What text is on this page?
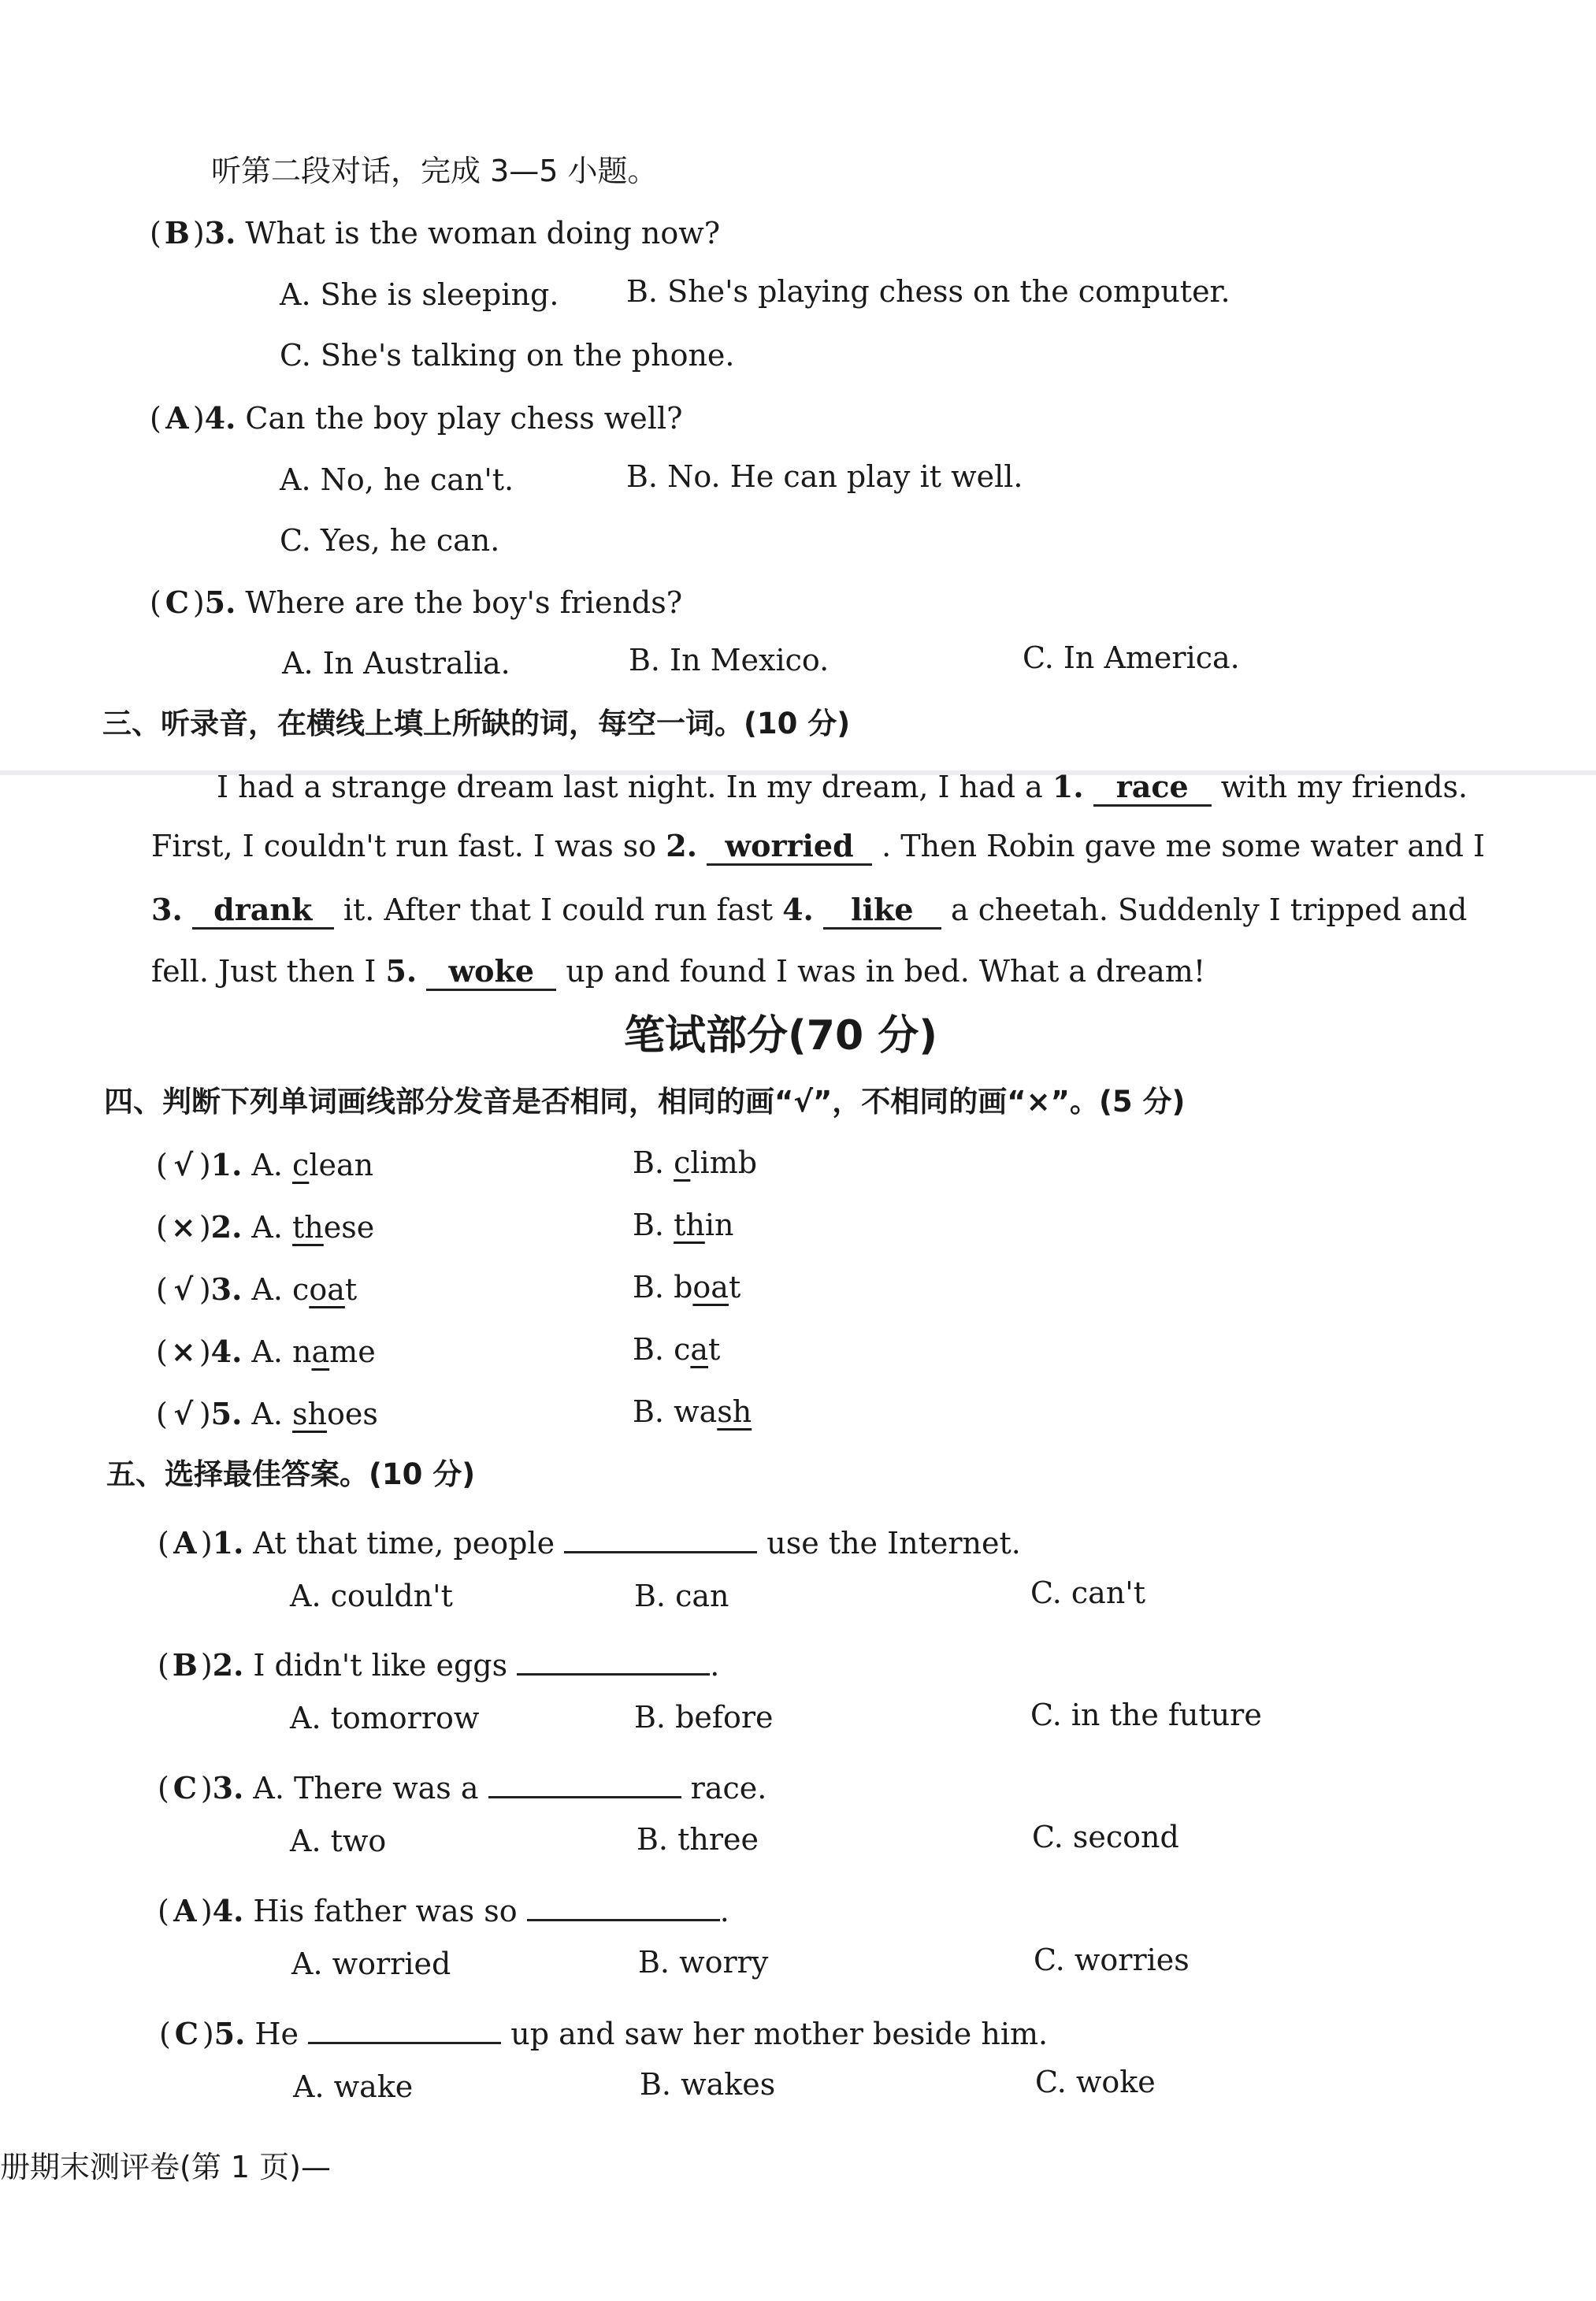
听第二段对话，完成 3—5 小题。
( B )3. What is the woman doing now?
A. She is sleeping. B. She's playing chess on the computer.
C. She's talking on the phone.
( A )4. Can the boy play chess well?
A. No, he can't.	B. No. He can play it well.
C. Yes, he can.
( C )5. Where are the boy's friends?
A. In Australia.	B. In Mexico.	C. In America.
三、听录音，在横线上填上所缺的词，每空一词。(10 分)
I had a strange dream last night. In my dream, I had a 1. race with my friends.
First, I couldn't run fast. I was so 2. worried . Then Robin gave me some water and I
3. drank it. After that I could run fast 4. like a cheetah. Suddenly I tripped and
fell. Just then I 5. woke up and found I was in bed. What a dream!
笔试部分(70 分)
四、判断下列单词画线部分发音是否相同，相同的画“√”，不相同的画“×”。(5 分)
( √ )1. A. clean	B. climb
( × )2. A. these	B. thin
( √ )3. A. coat	B. boat
( × )4. A. name	B. cat
( √ )5. A. shoes	B. wash
五、选择最佳答案。(10 分)
( A )1. At that time, people	use the Internet.
A. couldn't	B. can	C. can't
( B )2. I didn't like eggs	.
A. tomorrow	B. before	C. in the future
( C )3. A. There was a	race.
A. two	B. three	C. second
( A )4. His father was so	.
A. worried	B. worry	C. worries
( C )5. He	up and saw her mother beside him.
A. wake	B. wakes	C. woke
册期末测评卷(第 1 页)—
